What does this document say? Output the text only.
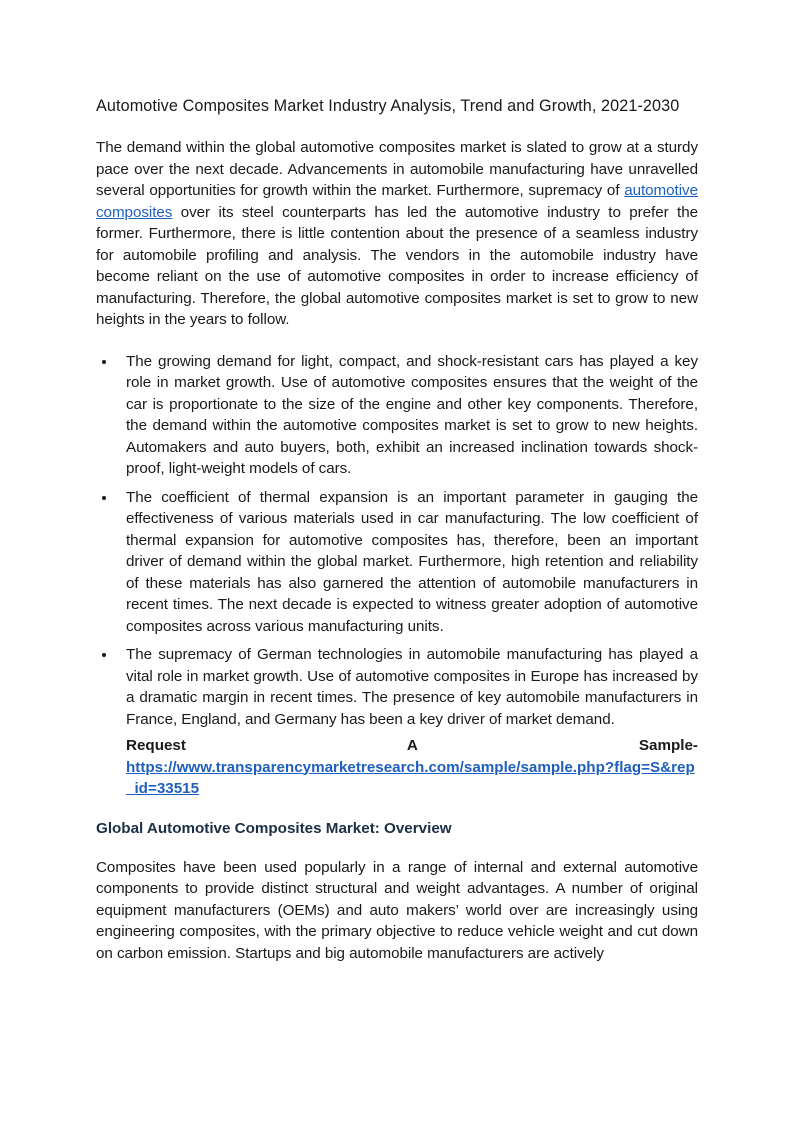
Automotive Composites Market Industry Analysis, Trend and Growth, 2021-2030

The demand within the global automotive composites market is slated to grow at a sturdy pace over the next decade. Advancements in automobile manufacturing have unravelled several opportunities for growth within the market. Furthermore, supremacy of automotive composites over its steel counterparts has led the automotive industry to prefer the former. Furthermore, there is little contention about the presence of a seamless industry for automobile profiling and analysis. The vendors in the automobile industry have become reliant on the use of automotive composites in order to increase efficiency of manufacturing. Therefore, the global automotive composites market is set to grow to new heights in the years to follow.

The growing demand for light, compact, and shock-resistant cars has played a key role in market growth. Use of automotive composites ensures that the weight of the car is proportionate to the size of the engine and other key components. Therefore, the demand within the automotive composites market is set to grow to new heights. Automakers and auto buyers, both, exhibit an increased inclination towards shock-proof, light-weight models of cars.
The coefficient of thermal expansion is an important parameter in gauging the effectiveness of various materials used in car manufacturing. The low coefficient of thermal expansion for automotive composites has, therefore, been an important driver of demand within the global market. Furthermore, high retention and reliability of these materials has also garnered the attention of automobile manufacturers in recent times. The next decade is expected to witness greater adoption of automotive composites across various manufacturing units.
The supremacy of German technologies in automobile manufacturing has played a vital role in market growth. Use of automotive composites in Europe has increased by a dramatic margin in recent times. The presence of key automobile manufacturers in France, England, and Germany has been a key driver of market demand.
Request	A	Sample-
https://www.transparencymarketresearch.com/sample/sample.php?flag=S&rep_id=33515
Global Automotive Composites Market: Overview

Composites have been used popularly in a range of internal and external automotive components to provide distinct structural and weight advantages. A number of original equipment manufacturers (OEMs) and auto makers’ world over are increasingly using engineering composites, with the primary objective to reduce vehicle weight and cut down on carbon emission. Startups and big automobile manufacturers are actively
